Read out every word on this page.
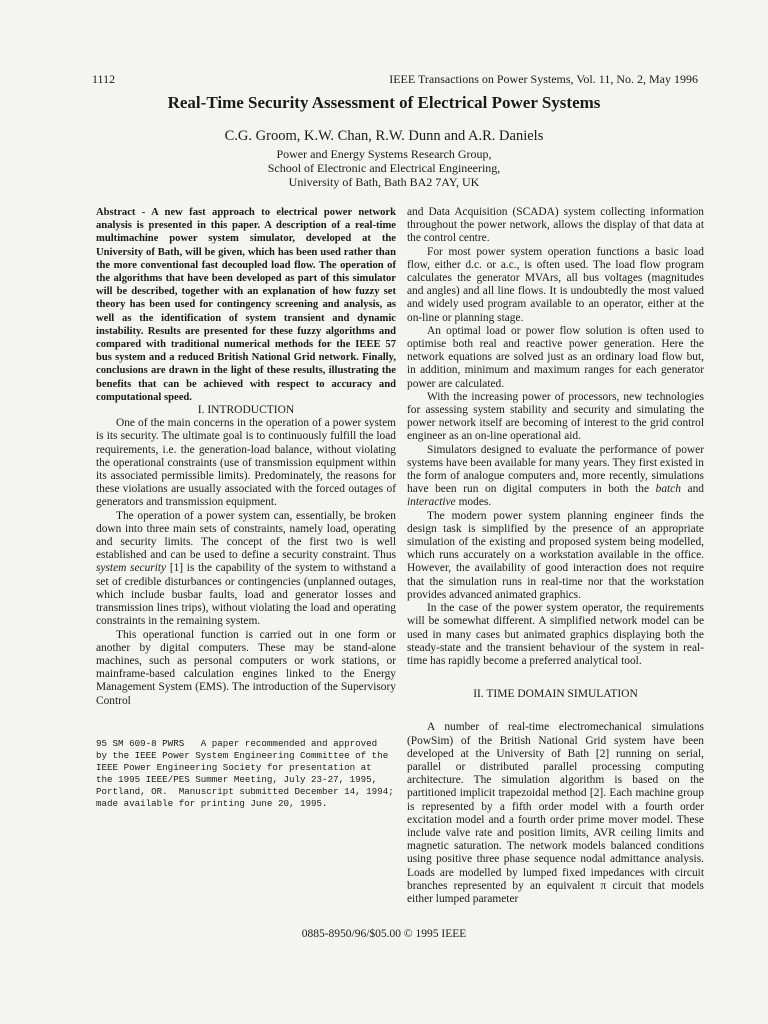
1112	IEEE Transactions on Power Systems, Vol. 11, No. 2, May 1996
Real-Time Security Assessment of Electrical Power Systems
C.G. Groom, K.W. Chan, R.W. Dunn and A.R. Daniels
Power and Energy Systems Research Group,
School of Electronic and Electrical Engineering,
University of Bath, Bath BA2 7AY, UK

Abstract - A new fast approach to electrical power network analysis is presented in this paper. A description of a real-time multimachine power system simulator, developed at the University of Bath, will be given, which has been used rather than the more conventional fast decoupled load flow. The operation of the algorithms that have been developed as part of this simulator will be described, together with an explanation of how fuzzy set theory has been used for contingency screening and analysis, as well as the identification of system transient and dynamic instability. Results are presented for these fuzzy algorithms and compared with traditional numerical methods for the IEEE 57 bus system and a reduced British National Grid network. Finally, conclusions are drawn in the light of these results, illustrating the benefits that can be achieved with respect to accuracy and computational speed.

I. INTRODUCTION

One of the main concerns in the operation of a power system is its security. The ultimate goal is to continuously fulfill the load requirements, i.e. the generation-load balance, without violating the operational constraints (use of transmission equipment within its associated permissible limits). Predominately, the reasons for these violations are usually associated with the forced outages of generators and transmission equipment.

The operation of a power system can, essentially, be broken down into three main sets of constraints, namely load, operating and security limits. The concept of the first two is well established and can be used to define a security constraint. Thus system security [1] is the capability of the system to withstand a set of credible disturbances or contingencies (unplanned outages, which include busbar faults, load and generator losses and transmission lines trips), without violating the load and operating constraints in the remaining system.

This operational function is carried out in one form or another by digital computers. These may be stand-alone machines, such as personal computers or work stations, or mainframe-based calculation engines linked to the Energy Management System (EMS). The introduction of the Supervisory Control

95 SM 609-8 PWRS   A paper recommended and approved
by the IEEE Power System Engineering Committee of the
IEEE Power Engineering Society for presentation at
the 1995 IEEE/PES Summer Meeting, July 23-27, 1995,
Portland, OR.  Manuscript submitted December 14, 1994;
made available for printing June 20, 1995.

and Data Acquisition (SCADA) system collecting information throughout the power network, allows the display of that data at the control centre.

For most power system operation functions a basic load flow, either d.c. or a.c., is often used. The load flow program calculates the generator MVArs, all bus voltages (magnitudes and angles) and all line flows. It is undoubtedly the most valued and widely used program available to an operator, either at the on-line or planning stage.

An optimal load or power flow solution is often used to optimise both real and reactive power generation. Here the network equations are solved just as an ordinary load flow but, in addition, minimum and maximum ranges for each generator power are calculated.

With the increasing power of processors, new technologies for assessing system stability and security and simulating the power network itself are becoming of interest to the grid control engineer as an on-line operational aid.

Simulators designed to evaluate the performance of power systems have been available for many years. They first existed in the form of analogue computers and, more recently, simulations have been run on digital computers in both the batch and interactive modes.

The modern power system planning engineer finds the design task is simplified by the presence of an appropriate simulation of the existing and proposed system being modelled, which runs accurately on a workstation available in the office. However, the availability of good interaction does not require that the simulation runs in real-time nor that the workstation provides advanced animated graphics.

In the case of the power system operator, the requirements will be somewhat different. A simplified network model can be used in many cases but animated graphics displaying both the steady-state and the transient behaviour of the system in real-time has rapidly become a preferred analytical tool.

II. TIME DOMAIN SIMULATION

A number of real-time electromechanical simulations (PowSim) of the British National Grid system have been developed at the University of Bath [2] running on serial, parallel or distributed parallel processing computing architecture. The simulation algorithm is based on the partitioned implicit trapezoidal method [2]. Each machine group is represented by a fifth order model with a fourth order excitation model and a fourth order prime mover model. These include valve rate and position limits, AVR ceiling limits and magnetic saturation. The network models balanced conditions using positive three phase sequence nodal admittance analysis. Loads are modelled by lumped fixed impedances with circuit branches represented by an equivalent π circuit that models either lumped parameter

0885-8950/96/$05.00 © 1995 IEEE
